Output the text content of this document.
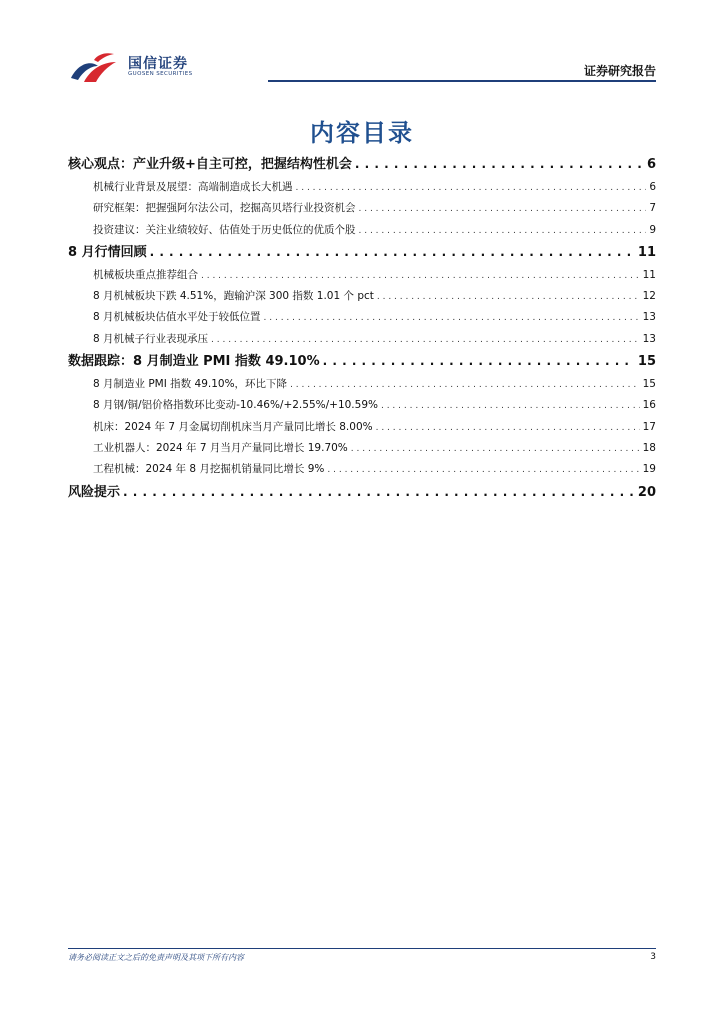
国信证券
GUOSEN SECURITIES	证券研究报告
内容目录
核心观点：产业升级+自主可控，把握结构性机会 . . .	6
机械行业背景及展望：高端制造成长大机遇 . . .	6
研究框架：把握强阿尔法公司，挖掘高贝塔行业投资机会 . . .	7
投资建议：关注业绩较好、估值处于历史低位的优质个股 . . .	9
8 月行情回顾 . . .	11
机械板块重点推荐组合 . . .	11
8 月机械板块下跌 4.51%，跑输沪深 300 指数 1.01 个 pct . . .	12
8 月机械板块估值水平处于较低位置 . . .	13
8 月机械子行业表现承压 . . .	13
数据跟踪：8 月制造业 PMI 指数 49.10% . . .	15
8 月制造业 PMI 指数 49.10%，环比下降 . . .	15
8 月钢/铜/铝价格指数环比变动-10.46%/+2.55%/+10.59% . . .	16
机床：2024 年 7 月金属切削机床当月产量同比增长 8.00% . . .	17
工业机器人：2024 年 7 月当月产量同比增长 19.70% . . .	18
工程机械：2024 年 8 月挖掘机销量同比增长 9% . . .	19
风险提示 . . .	20
请务必阅读正文之后的免责声明及其项下所有内容	3
